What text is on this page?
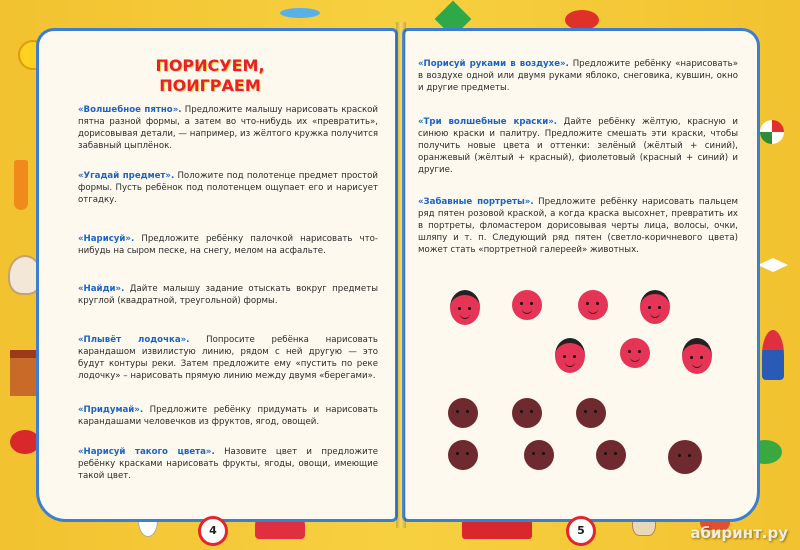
ПОРИСУЕМ,
ПОИГРАЕМ

«Волшебное пятно». Предложите малышу нарисовать краской пятна разной формы, а затем во что-нибудь их «превратить», дорисовывая детали, — например, из жёлтого кружка получится забавный цыплёнок.

«Угадай предмет». Положите под полотенце предмет простой формы. Пусть ребёнок под полотенцем ощупает его и нарисует отгадку.

«Нарисуй». Предложите ребёнку палочкой нарисовать что-нибудь на сыром песке, на снегу, мелом на асфальте.

«Найди». Дайте малышу задание отыскать вокруг предметы круглой (квадратной, треугольной) формы.

«Плывёт лодочка». Попросите ребёнка нарисовать карандашом извилистую линию, рядом с ней другую — это будут контуры реки. Затем предложите ему «пустить по реке лодочку» – нарисовать прямую линию между двумя «берегами».

«Придумай». Предложите ребёнку придумать и нарисовать карандашами человечков из фруктов, ягод, овощей.

«Нарисуй такого цвета». Назовите цвет и предложите ребёнку красками нарисовать фрукты, ягоды, овощи, имеющие такой цвет.

4

«Порисуй руками в воздухе». Предложите ребёнку «нарисовать» в воздухе одной или двумя руками яблоко, снеговика, кувшин, окно и другие предметы.

«Три волшебные краски». Дайте ребёнку жёлтую, красную и синюю краски и палитру. Предложите смешать эти краски, чтобы получить новые цвета и оттенки: зелёный (жёлтый + синий), оранжевый (жёлтый + красный), фиолетовый (красный + синий) и другие.

«Забавные портреты». Предложите ребёнку нарисовать пальцем ряд пятен розовой краской, а когда краска высохнет, превратить их в портреты, фломастером дорисовывая черты лица, волосы, очки, шляпу и т. п. Следующий ряд пятен (светло-коричневого цвета) может стать «портретной галереей» животных.

5	абиринт.ру
